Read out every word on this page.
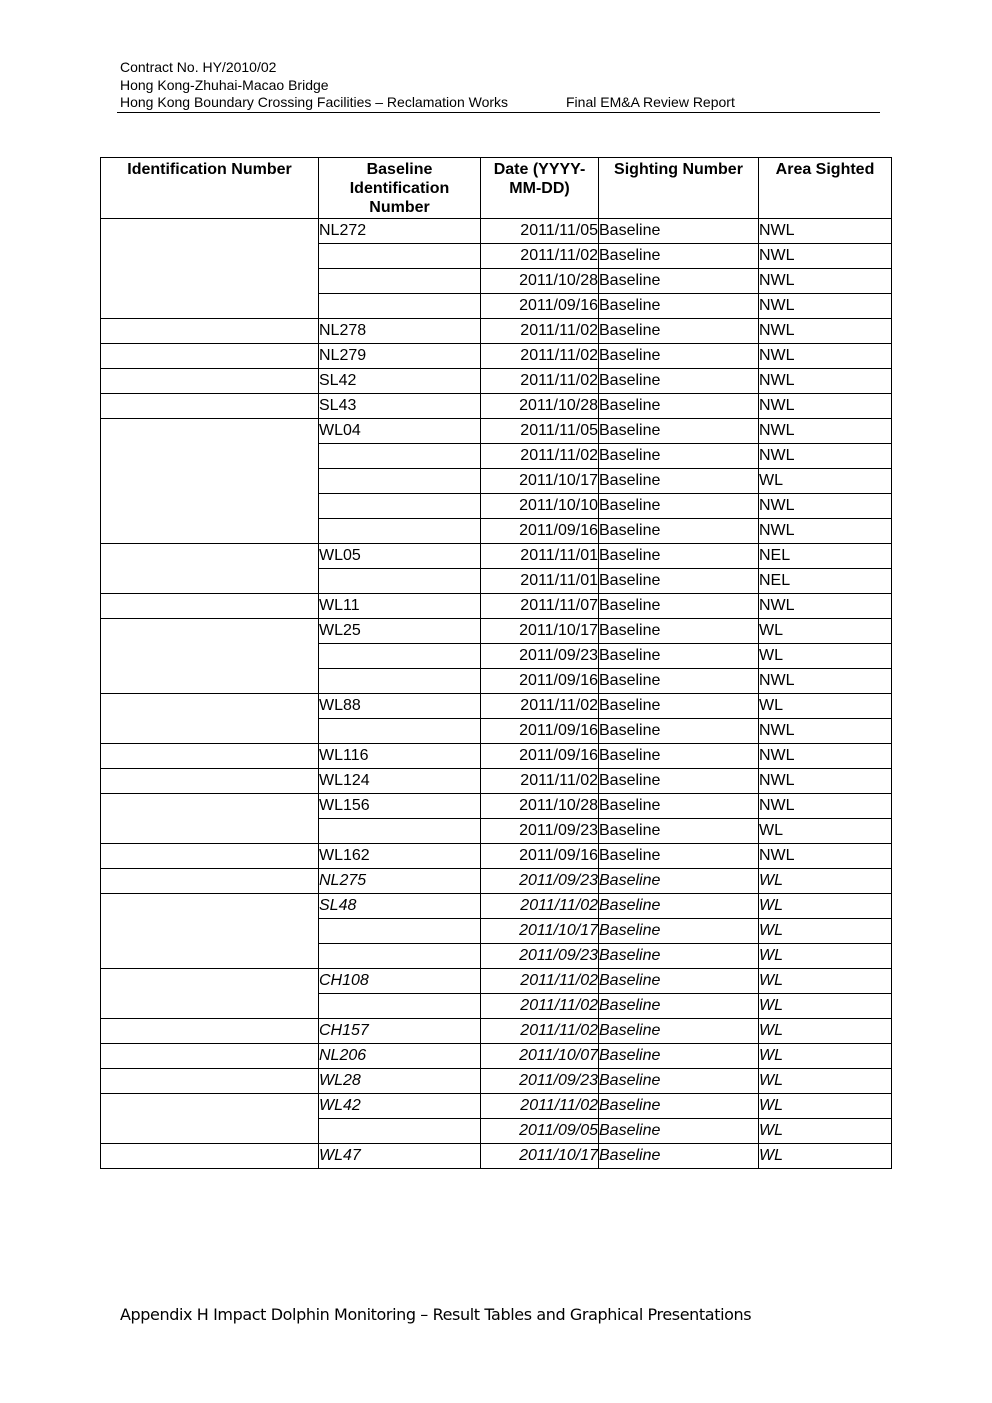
Contract No. HY/2010/02
Hong Kong-Zhuhai-Macao Bridge
Hong Kong Boundary Crossing Facilities – Reclamation Works	Final EM&A Review Report
Identification Number	Baseline Identification Number	Date (YYYY-MM-DD)	Sighting Number	Area Sighted
	NL272	2011/11/05	Baseline	NWL
		2011/11/02	Baseline	NWL
		2011/10/28	Baseline	NWL
		2011/09/16	Baseline	NWL
	NL278	2011/11/02	Baseline	NWL
	NL279	2011/11/02	Baseline	NWL
	SL42	2011/11/02	Baseline	NWL
	SL43	2011/10/28	Baseline	NWL
	WL04	2011/11/05	Baseline	NWL
		2011/11/02	Baseline	NWL
		2011/10/17	Baseline	WL
		2011/10/10	Baseline	NWL
		2011/09/16	Baseline	NWL
	WL05	2011/11/01	Baseline	NEL
		2011/11/01	Baseline	NEL
	WL11	2011/11/07	Baseline	NWL
	WL25	2011/10/17	Baseline	WL
		2011/09/23	Baseline	WL
		2011/09/16	Baseline	NWL
	WL88	2011/11/02	Baseline	WL
		2011/09/16	Baseline	NWL
	WL116	2011/09/16	Baseline	NWL
	WL124	2011/11/02	Baseline	NWL
	WL156	2011/10/28	Baseline	NWL
		2011/09/23	Baseline	WL
	WL162	2011/09/16	Baseline	NWL
	NL275	2011/09/23	Baseline	WL
	SL48	2011/11/02	Baseline	WL
		2011/10/17	Baseline	WL
		2011/09/23	Baseline	WL
	CH108	2011/11/02	Baseline	WL
		2011/11/02	Baseline	WL
	CH157	2011/11/02	Baseline	WL
	NL206	2011/10/07	Baseline	WL
	WL28	2011/09/23	Baseline	WL
	WL42	2011/11/02	Baseline	WL
		2011/09/05	Baseline	WL
	WL47	2011/10/17	Baseline	WL
Appendix H Impact Dolphin Monitoring – Result Tables and Graphical Presentations
